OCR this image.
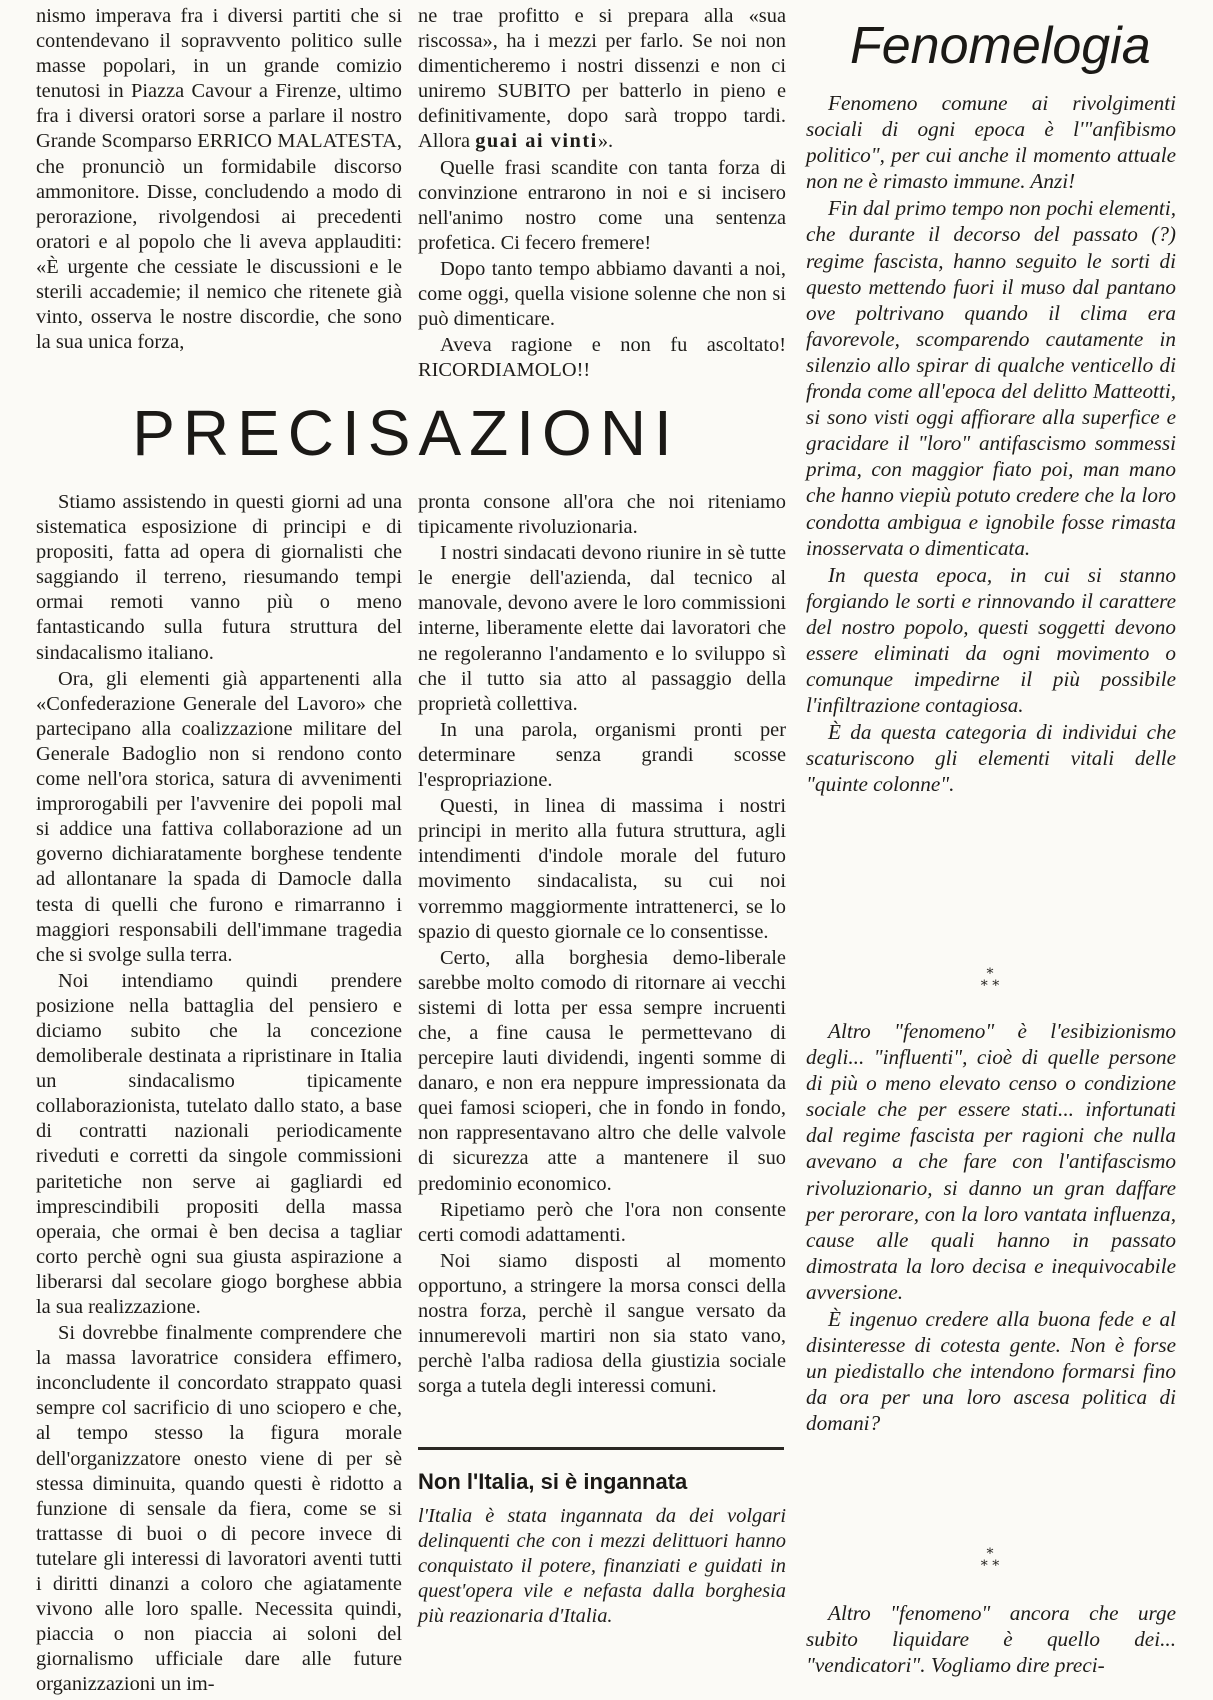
nismo imperava fra i diversi partiti che si contendevano il sopravvento politico sulle masse popolari, in un grande comizio tenutosi in Piazza Cavour a Firenze, ultimo fra i diversi oratori sorse a parlare il nostro Grande Scomparso ERRICO MALATESTA, che pronunciò un formidabile discorso ammonitore. Disse, concludendo a modo di perorazione, rivolgendosi ai precedenti oratori e al popolo che li aveva applauditi: «È urgente che cessiate le discussioni e le sterili accademie; il nemico che ritenete già vinto, osserva le nostre discordie, che sono la sua unica forza,

ne trae profitto e si prepara alla «sua riscossa», ha i mezzi per farlo. Se noi non dimenticheremo i nostri dissenzi e non ci uniremo SUBITO per batterlo in pieno e definitivamente, dopo sarà troppo tardi. Allora guai ai vinti».

Quelle frasi scandite con tanta forza di convinzione entrarono in noi e si incisero nell'animo nostro come una sentenza profetica. Ci fecero fremere!

Dopo tanto tempo abbiamo davanti a noi, come oggi, quella visione solenne che non si può dimenticare.

Aveva ragione e non fu ascoltato! RICORDIAMOLO!!

PRECISAZIONI

Stiamo assistendo in questi giorni ad una sistematica esposizione di principi e di propositi, fatta ad opera di giornalisti che saggiando il terreno, riesumando tempi ormai remoti vanno più o meno fantasticando sulla futura struttura del sindacalismo italiano.

Ora, gli elementi già appartenenti alla «Confederazione Generale del Lavoro» che partecipano alla coalizzazione militare del Generale Badoglio non si rendono conto come nell'ora storica, satura di avvenimenti improrogabili per l'avvenire dei popoli mal si addice una fattiva collaborazione ad un governo dichiaratamente borghese tendente ad allontanare la spada di Damocle dalla testa di quelli che furono e rimarranno i maggiori responsabili dell'immane tragedia che si svolge sulla terra.

Noi intendiamo quindi prendere posizione nella battaglia del pensiero e diciamo subito che la concezione demoliberale destinata a ripristinare in Italia un sindacalismo tipicamente collaborazionista, tutelato dallo stato, a base di contratti nazionali periodicamente riveduti e corretti da singole commissioni paritetiche non serve ai gagliardi ed imprescindibili propositi della massa operaia, che ormai è ben decisa a tagliar corto perchè ogni sua giusta aspirazione a liberarsi dal secolare giogo borghese abbia la sua realizzazione.

Si dovrebbe finalmente comprendere che la massa lavoratrice considera effimero, inconcludente il concordato strappato quasi sempre col sacrificio di uno sciopero e che, al tempo stesso la figura morale dell'organizzatore onesto viene di per sè stessa diminuita, quando questi è ridotto a funzione di sensale da fiera, come se si trattasse di buoi o di pecore invece di tutelare gli interessi di lavoratori aventi tutti i diritti dinanzi a coloro che agiatamente vivono alle loro spalle. Necessita quindi, piaccia o non piaccia ai soloni del giornalismo ufficiale dare alle future organizzazioni un im-

pronta consone all'ora che noi riteniamo tipicamente rivoluzionaria.

I nostri sindacati devono riunire in sè tutte le energie dell'azienda, dal tecnico al manovale, devono avere le loro commissioni interne, liberamente elette dai lavoratori che ne regoleranno l'andamento e lo sviluppo sì che il tutto sia atto al passaggio della proprietà collettiva.

In una parola, organismi pronti per determinare senza grandi scosse l'espropriazione.

Questi, in linea di massima i nostri principi in merito alla futura struttura, agli intendimenti d'indole morale del futuro movimento sindacalista, su cui noi vorremmo maggiormente intrattenerci, se lo spazio di questo giornale ce lo consentisse.

Certo, alla borghesia demo-liberale sarebbe molto comodo di ritornare ai vecchi sistemi di lotta per essa sempre incruenti che, a fine causa le permettevano di percepire lauti dividendi, ingenti somme di danaro, e non era neppure impressionata da quei famosi scioperi, che in fondo in fondo, non rappresentavano altro che delle valvole di sicurezza atte a mantenere il suo predominio economico.

Ripetiamo però che l'ora non consente certi comodi adattamenti.

Noi siamo disposti al momento opportuno, a stringere la morsa consci della nostra forza, perchè il sangue versato da innumerevoli martiri non sia stato vano, perchè l'alba radiosa della giustizia sociale sorga a tutela degli interessi comuni.

Non l'Italia, si è ingannata

l'Italia è stata ingannata da dei volgari delinquenti che con i mezzi delittuori hanno conquistato il potere, finanziati e guidati in quest'opera vile e nefasta dalla borghesia più reazionaria d'Italia.

Fenomelogia

Fenomeno comune ai rivolgimenti sociali di ogni epoca è l'"anfibismo politico", per cui anche il momento attuale non ne è rimasto immune. Anzi!

Fin dal primo tempo non pochi elementi, che durante il decorso del passato (?) regime fascista, hanno seguito le sorti di questo mettendo fuori il muso dal pantano ove poltrivano quando il clima era favorevole, scomparendo cautamente in silenzio allo spirar di qualche venticello di fronda come all'epoca del delitto Matteotti, si sono visti oggi affiorare alla superfice e gracidare il "loro" antifascismo sommessi prima, con maggior fiato poi, man mano che hanno viepiù potuto credere che la loro condotta ambigua e ignobile fosse rimasta inosservata o dimenticata.

In questa epoca, in cui si stanno forgiando le sorti e rinnovando il carattere del nostro popolo, questi soggetti devono essere eliminati da ogni movimento o comunque impedirne il più possibile l'infiltrazione contagiosa.

È da questa categoria di individui che scaturiscono gli elementi vitali delle "quinte colonne".

*
* *

Altro "fenomeno" è l'esibizionismo degli... "influenti", cioè di quelle persone di più o meno elevato censo o condizione sociale che per essere stati... infortunati dal regime fascista per ragioni che nulla avevano a che fare con l'antifascismo rivoluzionario, si danno un gran daffare per perorare, con la loro vantata influenza, cause alle quali hanno in passato dimostrata la loro decisa e inequivocabile avversione.

È ingenuo credere alla buona fede e al disinteresse di cotesta gente. Non è forse un piedistallo che intendono formarsi fino da ora per una loro ascesa politica di domani?

*
* *

Altro "fenomeno" ancora che urge subito liquidare è quello dei... "vendicatori". Vogliamo dire preci-
